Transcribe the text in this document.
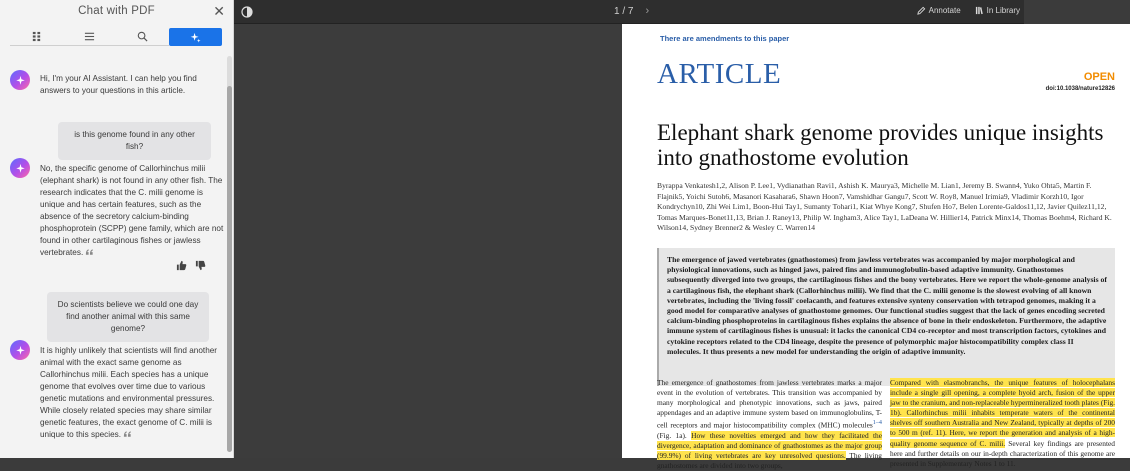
Chat with PDF	✕
Hi, I'm your AI Assistant. I can help you find answers to your questions in this article.
is this genome found in any other fish?
No, the specific genome of Callorhinchus milii (elephant shark) is not found in any other fish. The research indicates that the C. milii genome is unique and has certain features, such as the absence of the secretory calcium-binding phosphoprotein (SCPP) gene family, which are not found in other cartilaginous fishes or jawless vertebrates.
Do scientists believe we could one day find another animal with this same genome?
It is highly unlikely that scientists will find another animal with the exact same genome as Callorhinchus milii. Each species has a unique genome that evolves over time due to various genetic mutations and environmental pressures. While closely related species may share similar genetic features, the exact genome of C. milii is unique to this species.
1 / 7 ›	Annotate	In Library
There are amendments to this paper
ARTICLE	OPEN
doi:10.1038/nature12826
Elephant shark genome provides unique insights into gnathostome evolution
Byrappa Venkatesh1,2, Alison P. Lee1, Vydianathan Ravi1, Ashish K. Maurya3, Michelle M. Lian1, Jeremy B. Swann4, Yuko Ohta5, Martin F. Flajnik5, Yoichi Sutoh6, Masanori Kasahara6, Shawn Hoon7, Vamshidhar Gangu7, Scott W. Roy8, Manuel Irimia9, Vladimir Korzh10, Igor Kondrychyn10, Zhi Wei Lim1, Boon-Hui Tay1, Sumanty Tohari1, Kiat Whye Kong7, Shufen Ho7, Belen Lorente-Galdos11,12, Javier Quilez11,12, Tomas Marques-Bonet11,13, Brian J. Raney13, Philip W. Ingham3, Alice Tay1, LaDeana W. Hillier14, Patrick Minx14, Thomas Boehm4, Richard K. Wilson14, Sydney Brenner2 & Wesley C. Warren14
The emergence of jawed vertebrates (gnathostomes) from jawless vertebrates was accompanied by major morphological and physiological innovations, such as hinged jaws, paired fins and immunoglobulin-based adaptive immunity. Gnathostomes subsequently diverged into two groups, the cartilaginous fishes and the bony vertebrates. Here we report the whole-genome analysis of a cartilaginous fish, the elephant shark (Callorhinchus milii). We find that the C. milii genome is the slowest evolving of all known vertebrates, including the 'living fossil' coelacanth, and features extensive synteny conservation with tetrapod genomes, making it a good model for comparative analyses of gnathostome genomes. Our functional studies suggest that the lack of genes encoding secreted calcium-binding phosphoproteins in cartilaginous fishes explains the absence of bone in their endoskeleton. Furthermore, the adaptive immune system of cartilaginous fishes is unusual: it lacks the canonical CD4 co-receptor and most transcription factors, cytokines and cytokine receptors related to the CD4 lineage, despite the presence of polymorphic major histocompatibility complex class II molecules. It thus presents a new model for understanding the origin of adaptive immunity.
The emergence of gnathostomes from jawless vertebrates marks a major event in the evolution of vertebrates. This transition was accompanied by many morphological and phenotypic innovations, such as jaws, paired appendages and an adaptive immune system based on immunoglobulins, T-cell receptors and major histocompatibility complex (MHC) molecules$^{1-4}$ (Fig. 1a). How these novelties emerged and how they facilitated the divergence, adaptation and dominance of gnathostomes as the major group (99.9%) of living vertebrates are key unresolved questions. The living gnathostomes are divided into two groups,
Compared with elasmobranchs, the unique features of holocephalans include a single gill opening, a complete hyoid arch, fusion of the upper jaw to the cranium, and non-replaceable hypermineralized tooth plates (Fig. 1b). Callorhinchus milii inhabits temperate waters of the continental shelves off southern Australia and New Zealand, typically at depths of 200 to 500 m (ref. 11). Here, we report the generation and analysis of a high-quality genome sequence of C. milii. Several key findings are presented here and further details on our in-depth characterization of this genome are presented in Supplementary Notes 1 to 11.
